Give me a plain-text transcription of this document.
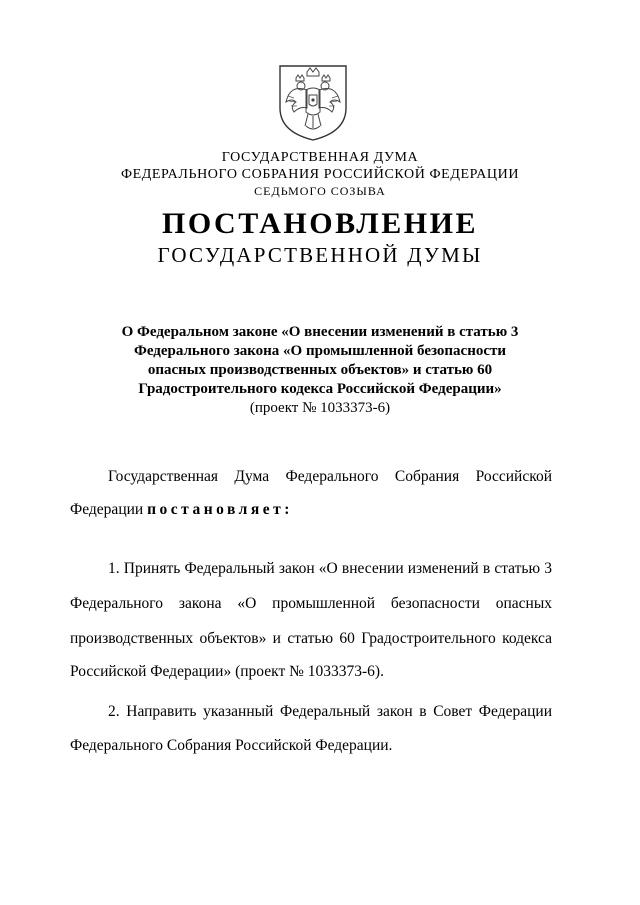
ГОСУДАРСТВЕННАЯ ДУМА
ФЕДЕРАЛЬНОГО СОБРАНИЯ РОССИЙСКОЙ ФЕДЕРАЦИИ
СЕДЬМОГО СОЗЫВА
ПОСТАНОВЛЕНИЕ
ГОСУДАРСТВЕННОЙ ДУМЫ
О Федеральном законе «О внесении изменений в статью 3
Федерального закона «О промышленной безопасности
опасных производственных объектов» и статью 60
Градостроительного кодекса Российской Федерации»
(проект № 1033373-6)
Государственная Дума Федерального Собрания Российской
Федерации постановляет:
1. Принять Федеральный закон «О внесении изменений в статью 3
Федерального закона «О промышленной безопасности опасных
производственных объектов» и статью 60 Градостроительного кодекса
Российской Федерации» (проект № 1033373-6).
2. Направить указанный Федеральный закон в Совет Федерации
Федерального Собрания Российской Федерации.
